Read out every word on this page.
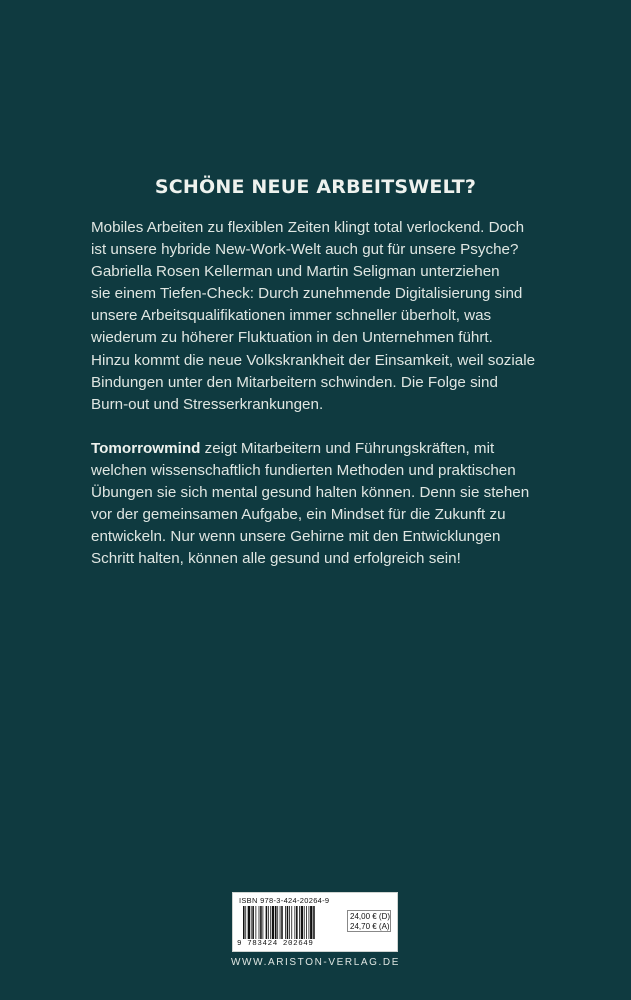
SCHÖNE NEUE ARBEITSWELT?
Mobiles Arbeiten zu flexiblen Zeiten klingt total verlockend. Doch
ist unsere hybride New-Work-Welt auch gut für unsere Psyche?
Gabriella Rosen Kellerman und Martin Seligman unterziehen
sie einem Tiefen-Check: Durch zunehmende Digitalisierung sind
unsere Arbeitsqualifikationen immer schneller überholt, was
wiederum zu höherer Fluktuation in den Unternehmen führt.
Hinzu kommt die neue Volkskrankheit der Einsamkeit, weil soziale
Bindungen unter den Mitarbeitern schwinden. Die Folge sind
Burn-out und Stresserkrankungen.
Tomorrowmind zeigt Mitarbeitern und Führungskräften, mit
welchen wissenschaftlich fundierten Methoden und praktischen
Übungen sie sich mental gesund halten können. Denn sie stehen
vor der gemeinsamen Aufgabe, ein Mindset für die Zukunft zu
entwickeln. Nur wenn unsere Gehirne mit den Entwicklungen
Schritt halten, können alle gesund und erfolgreich sein!
ISBN 978-3-424-20264-9
9 783424 202649
24,00 € (D)
24,70 € (A)
WWW.ARISTON-VERLAG.DE
